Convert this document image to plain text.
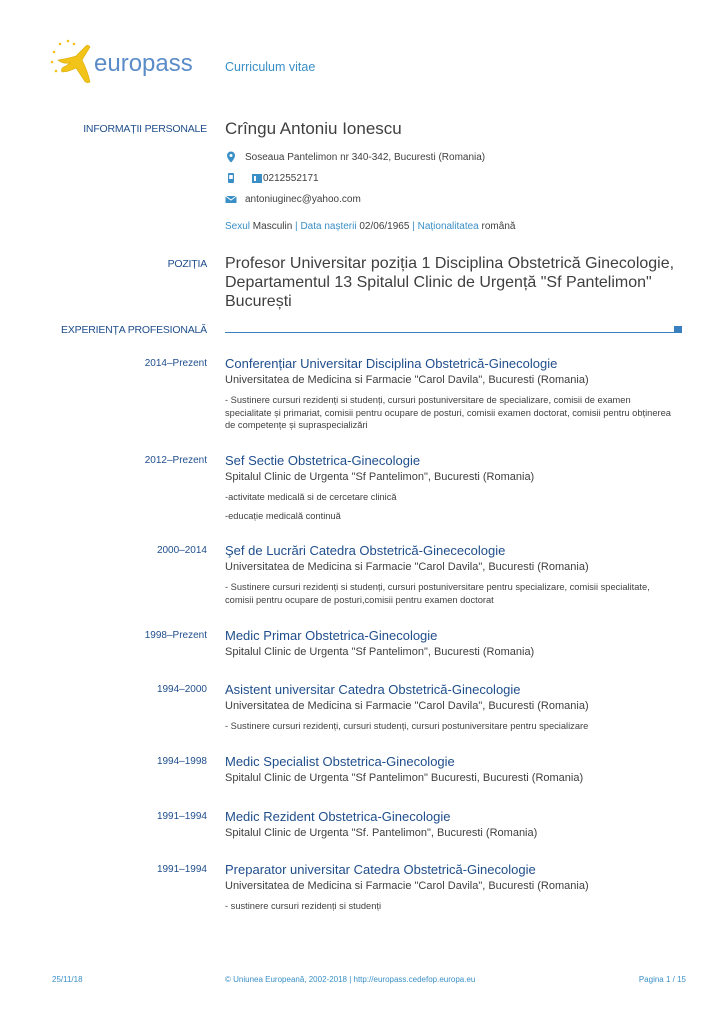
europass	Curriculum vitae
INFORMAȚII PERSONALE Crîngu Antoniu Ionescu
Soseaua Pantelimon nr 340-342, Bucuresti (Romania)
0212552171
antoniuginec@yahoo.com
Sexul Masculin | Data nașterii 02/06/1965 | Naționalitatea română
POZIȚIA Profesor Universitar poziția 1 Disciplina Obstetrică Ginecologie, Departamentul 13 Spitalul Clinic de Urgență "Sf Pantelimon" București
EXPERIENȚA PROFESIONALĂ
2014–Prezent Conferențiar Universitar Disciplina Obstetrică-Ginecologie
Universitatea de Medicina si Farmacie "Carol Davila", Bucuresti (Romania)
- Sustinere cursuri rezidenți si studenți, cursuri postuniversitare de specializare, comisii de examen specialitate și primariat, comisii pentru ocupare de posturi, comisii examen doctorat, comisii pentru obținerea de competențe și supraspecializări
2012–Prezent Sef Sectie Obstetrica-Ginecologie
Spitalul Clinic de Urgenta "Sf Pantelimon", Bucuresti (Romania)
-activitate medicală si de cercetare clinică
-educație medicală continuă
2000–2014 Şef de Lucrări Catedra Obstetrică-Ginececologie
Universitatea de Medicina si Farmacie "Carol Davila", Bucuresti (Romania)
- Sustinere cursuri rezidenți si studenți, cursuri postuniversitare pentru specializare, comisii specialitate, comisii pentru ocupare de posturi,comisii pentru examen doctorat
1998–Prezent Medic Primar Obstetrica-Ginecologie
Spitalul Clinic de Urgenta "Sf Pantelimon", Bucuresti (Romania)
1994–2000 Asistent universitar Catedra Obstetrică-Ginecologie
Universitatea de Medicina si Farmacie "Carol Davila", Bucuresti (Romania)
- Sustinere cursuri rezidenți, cursuri studenți, cursuri postuniversitare pentru specializare
1994–1998 Medic Specialist Obstetrica-Ginecologie
Spitalul Clinic de Urgenta "Sf Pantelimon" Bucuresti, Bucuresti (Romania)
1991–1994 Medic Rezident Obstetrica-Ginecologie
Spitalul Clinic de Urgenta "Sf. Pantelimon", Bucuresti (Romania)
1991–1994 Preparator universitar Catedra Obstetrică-Ginecologie
Universitatea de Medicina si Farmacie "Carol Davila", Bucuresti (Romania)
- sustinere cursuri rezidenți si studenți
25/11/18	© Uniunea Europeană, 2002-2018 | http://europass.cedefop.europa.eu	Pagina 1 / 15
